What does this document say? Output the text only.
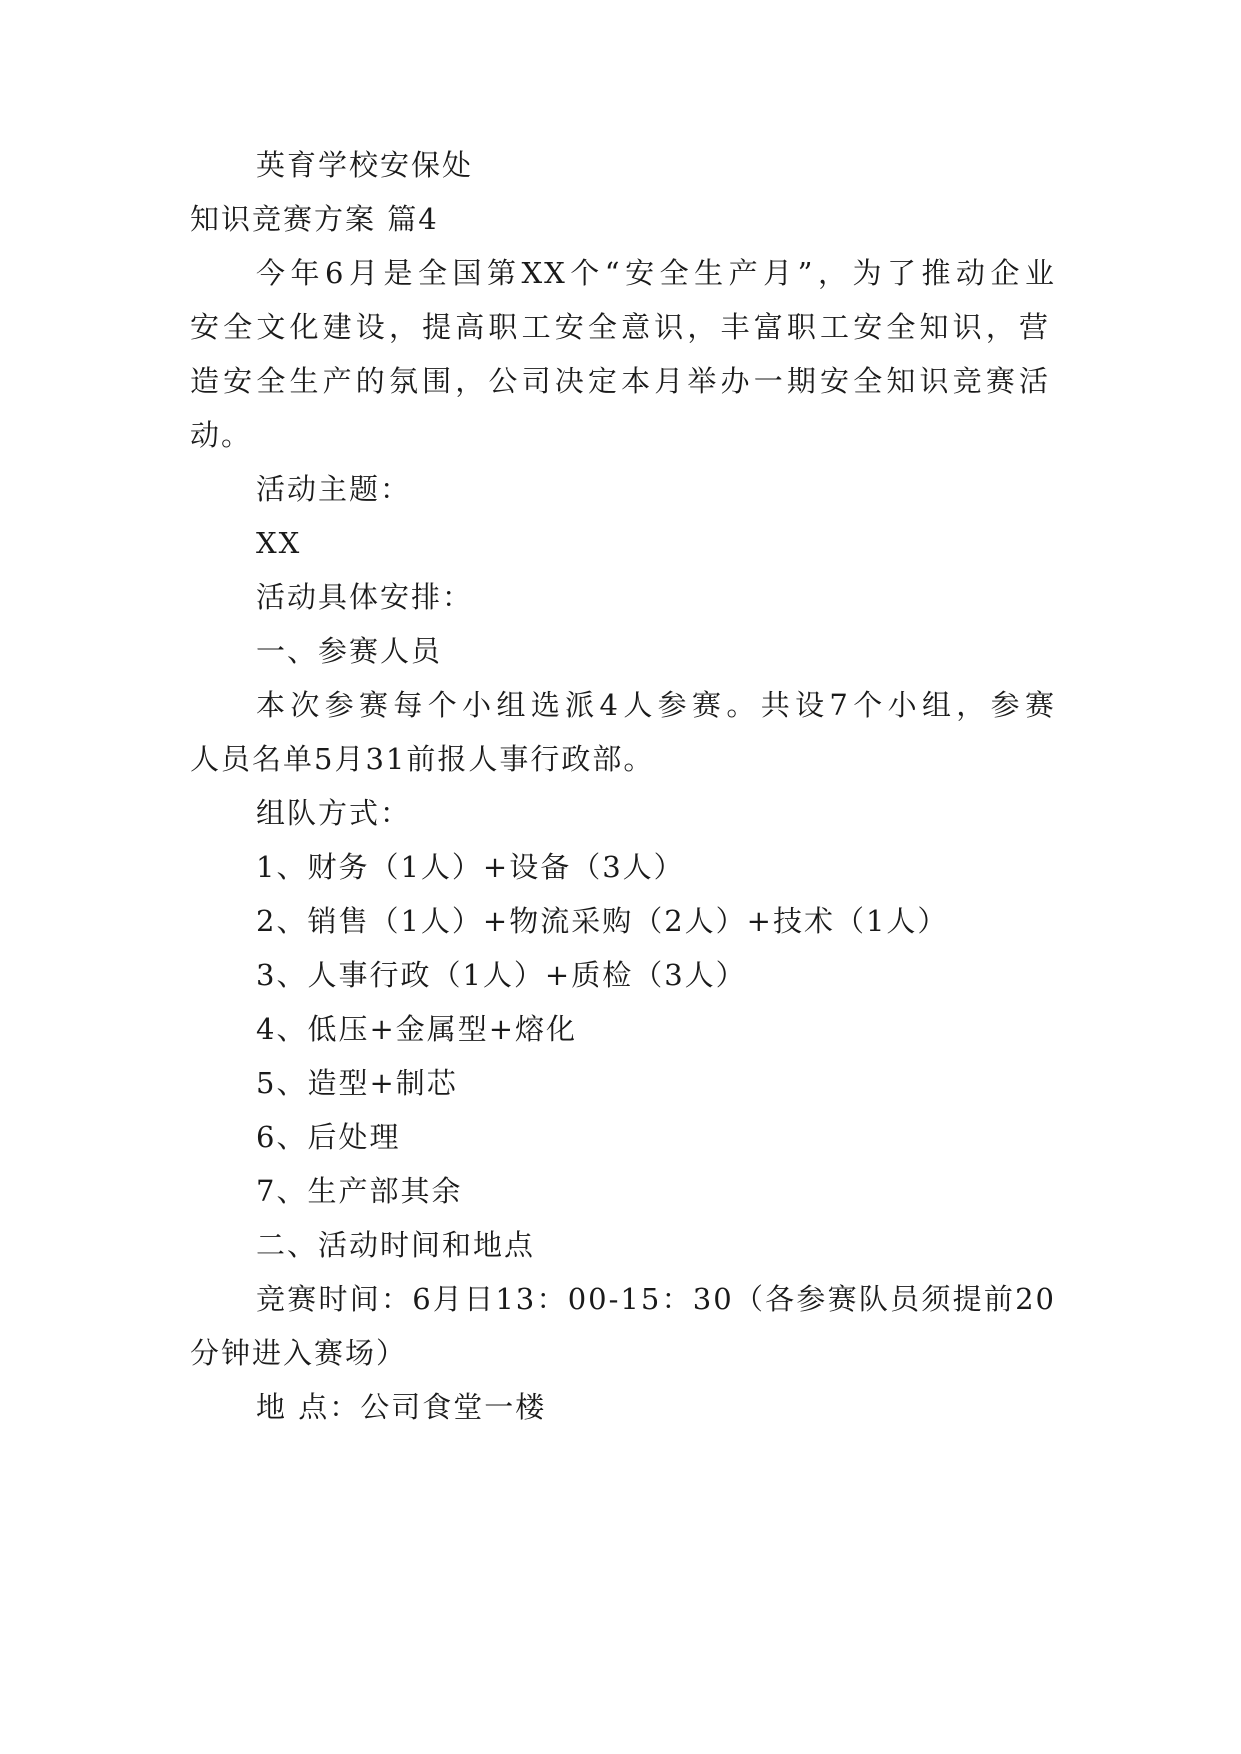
英育学校安保处
知识竞赛方案 篇4
今年6月是全国第XX个“安全生产月”，为了推动企业
安全文化建设，提高职工安全意识，丰富职工安全知识，营
造安全生产的氛围，公司决定本月举办一期安全知识竞赛活
动。
活动主题：
XX
活动具体安排：
一、参赛人员
本次参赛每个小组选派4人参赛。共设7个小组，参赛
人员名单5月31前报人事行政部。
组队方式：
1、财务（1人）+设备（3人）
2、销售（1人）+物流采购（2人）+技术（1人）
3、人事行政（1人）+质检（3人）
4、低压+金属型+熔化
5、造型+制芯
6、后处理
7、生产部其余
二、活动时间和地点
竞赛时间：6月日13：00-15：30（各参赛队员须提前20
分钟进入赛场）
地 点：公司食堂一楼
